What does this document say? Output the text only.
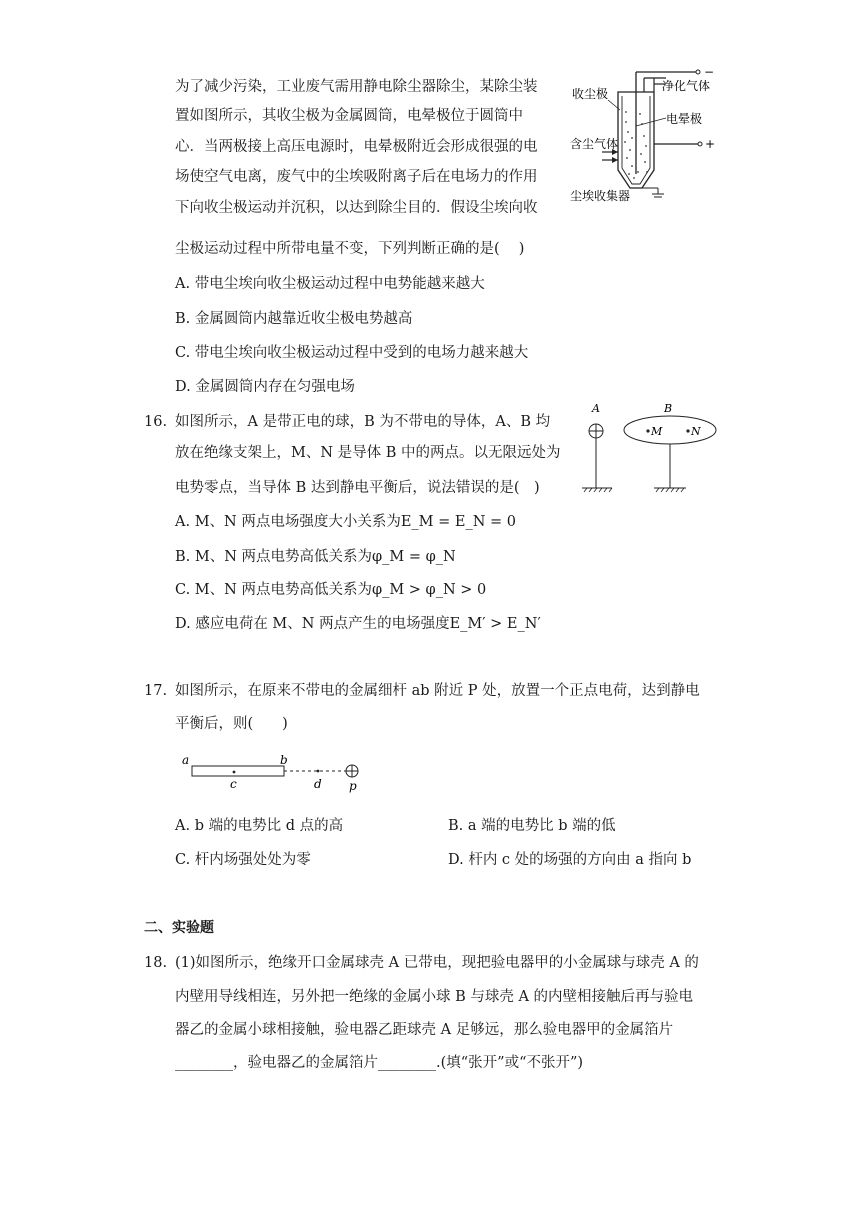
为了减少污染，工业废气需用静电除尘器除尘，某除尘装
置如图所示，其收尘极为金属圆筒，电晕极位于圆筒中
心．当两极接上高压电源时，电晕极附近会形成很强的电
场使空气电离，废气中的尘埃吸附离子后在电场力的作用
下向收尘极运动并沉积，以达到除尘目的．假设尘埃向收
尘极运动过程中所带电量不变，下列判断正确的是(　 )
A. 带电尘埃向收尘极运动过程中电势能越来越大
B. 金属圆筒内越靠近收尘极电势越高
C. 带电尘埃向收尘极运动过程中受到的电场力越来越大
D. 金属圆筒内存在匀强电场
收尘极
净化气体
电晕极
含尘气体
尘埃收集器
−
+
16. 如图所示，A 是带正电的球，B 为不带电的导体，A、B 均
放在绝缘支架上，M、N 是导体 B 中的两点。以无限远处为
电势零点，当导体 B 达到静电平衡后，说法错误的是(　)
A. M、N 两点电场强度大小关系为E_M = E_N = 0
B. M、N 两点电势高低关系为φ_M = φ_N
C. M、N 两点电势高低关系为φ_M > φ_N > 0
D. 感应电荷在 M、N 两点产生的电场强度E_M′ > E_N′
A	B
M	N
17. 如图所示，在原来不带电的金属细杆 ab 附近 P 处，放置一个正点电荷，达到静电
平衡后，则(　　)
a	b
c	d p
A. b 端的电势比 d 点的高	B. a 端的电势比 b 端的低
C. 杆内场强处处为零	D. 杆内 c 处的场强的方向由 a 指向 b
二、实验题
18. (1)如图所示，绝缘开口金属球壳 A 已带电，现把验电器甲的小金属球与球壳 A 的
内壁用导线相连，另外把一绝缘的金属小球 B 与球壳 A 的内壁相接触后再与验电
器乙的金属小球相接触，验电器乙距球壳 A 足够远，那么验电器甲的金属箔片
________，验电器乙的金属箔片________.(填“张开”或“不张开”)
